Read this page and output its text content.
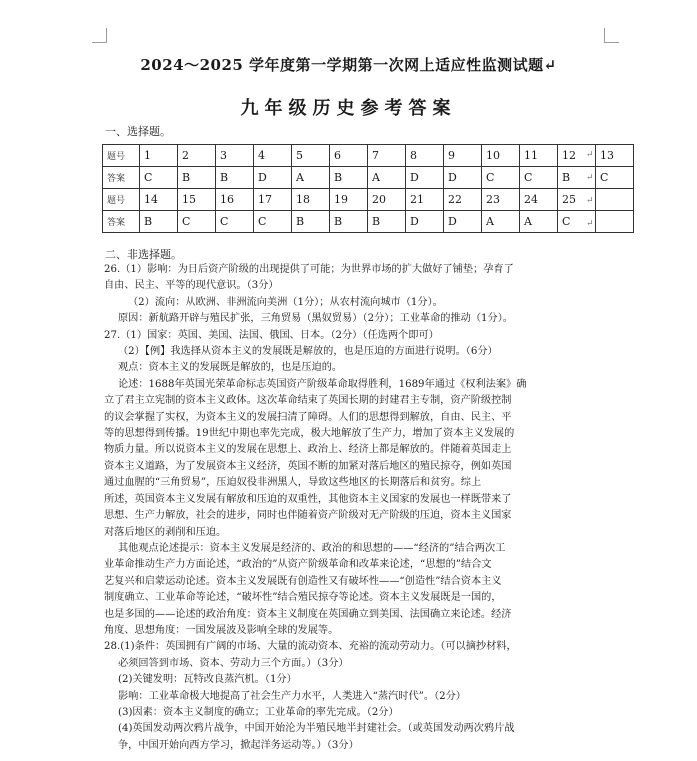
2024～2025 学年度第一学期第一次网上适应性监测试题↵
九年级历史参考答案
一、选择题。
题号	1	2	3	4	5	6	7	8	9	10	11	12	13
答案	C	B	B	D	A	B	A	D	D	C	C	B	C
题号	14	15	16	17	18	19	20	21	22	23	24	25	
答案	B	C	C	C	B	B	B	D	D	A	A	C	
↵
↵
↵
↵
二、非选择题。
26.（1）影响：为日后资产阶级的出现提供了可能；为世界市场的扩大做好了铺垫；孕育了
自由、民主、平等的现代意识。（3分）
（2）流向：从欧洲、非洲流向美洲（1分）；从农村流向城市（1分）。
原因：新航路开辟与殖民扩张，三角贸易（黑奴贸易）（2分）；工业革命的推动（1分）。
27.（1）国家：英国、美国、法国、俄国、日本。（2分）（任选两个即可）
（2）【例】我选择从资本主义的发展既是解放的，也是压迫的方面进行说明。（6分）
观点：资本主义的发展既是解放的，也是压迫的。
论述：1688年英国光荣革命标志英国资产阶级革命取得胜利，1689年通过《权利法案》确
立了君主立宪制的资本主义政体。这次革命结束了英国长期的封建君主专制，资产阶级控制
的议会掌握了实权，为资本主义的发展扫清了障碍。人们的思想得到解放，自由、民主、平
等的思想得到传播。19世纪中期也率先完成，极大地解放了生产力，增加了资本主义发展的
物质力量。所以说资本主义的发展在思想上、政治上、经济上都是解放的。伴随着英国走上
资本主义道路，为了发展资本主义经济，英国不断的加紧对落后地区的殖民掠夺，例如英国
通过血腥的“三角贸易”，压迫奴役非洲黑人，导致这些地区的长期落后和贫穷。综上
所述，英国资本主义发展有解放和压迫的双重性，其他资本主义国家的发展也一样既带来了
思想、生产力解放，社会的进步，同时也伴随着资产阶级对无产阶级的压迫，资本主义国家
对落后地区的剥削和压迫。
其他观点论述提示：资本主义发展是经济的、政治的和思想的——“经济的”结合两次工
业革命推动生产力方面论述，“政治的”从资产阶级革命和改革来论述，“思想的”结合文
艺复兴和启蒙运动论述。资本主义发展既有创造性又有破坏性——“创造性”结合资本主义
制度确立、工业革命等论述，“破坏性”结合殖民掠夺等论述。资本主义发展既是一国的，
也是多国的——论述的政治角度：资本主义制度在英国确立到美国、法国确立来论述。经济
角度、思想角度：一国发展波及影响全球的发展等。
28.(1)条件：英国拥有广阔的市场、大量的流动资本、充裕的流动劳动力。（可以摘抄材料，
必须回答到市场、资本、劳动力三个方面。）（3分）
(2)关键发明：瓦特改良蒸汽机。（1分）
影响：工业革命极大地提高了社会生产力水平，人类进入“蒸汽时代”。（2分）
(3)因素：资本主义制度的确立；工业革命的率先完成。（2分）
(4)英国发动两次鸦片战争，中国开始沦为半殖民地半封建社会。（或英国发动两次鸦片战
争，中国开始向西方学习，掀起洋务运动等。）（3分）
